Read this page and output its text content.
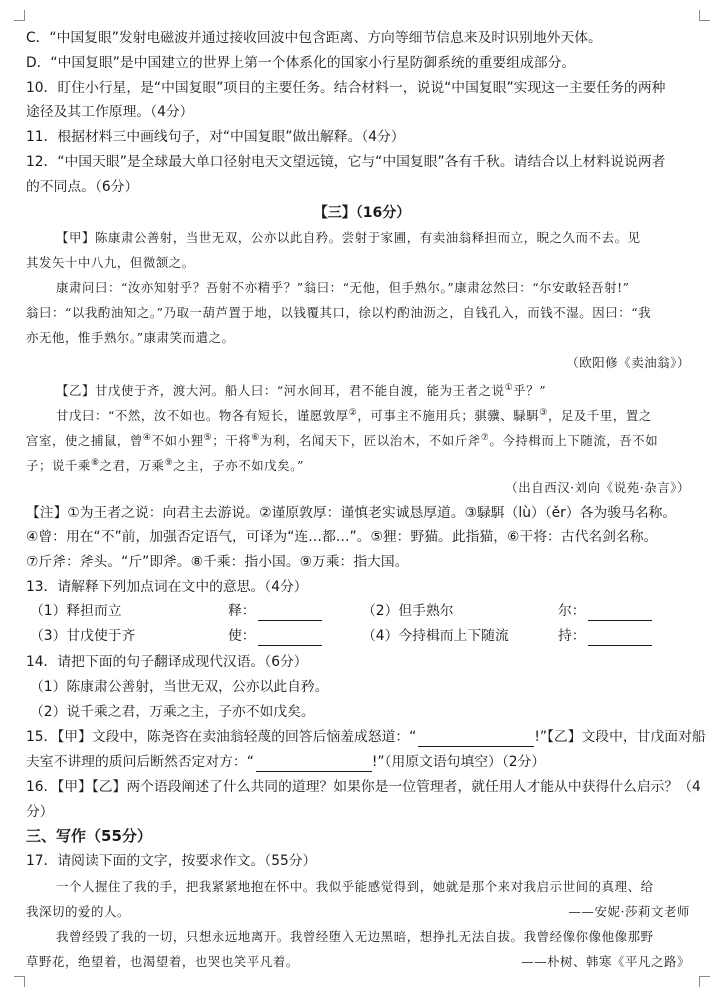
C．“中国复眼”发射电磁波并通过接收回波中包含距离、方向等细节信息来及时识别地外天体。
D．“中国复眼”是中国建立的世界上第一个体系化的国家小行星防御系统的重要组成部分。
10．盯住小行星，是“中国复眼”项目的主要任务。结合材料一，说说“中国复眼”实现这一主要任务的两种
途径及其工作原理。（4分）
11．根据材料三中画线句子，对“中国复眼”做出解释。（4分）
12．“中国天眼”是全球最大单口径射电天文望远镜，它与“中国复眼”各有千秋。请结合以上材料说说两者
的不同点。（6分）
【三】（16分）
【甲】陈康肃公善射，当世无双，公亦以此自矜。尝射于家圃，有卖油翁释担而立，睨之久而不去。见
其发矢十中八九，但微颔之。
康肃问曰：“汝亦知射乎？吾射不亦精乎？”翁曰：“无他，但手熟尔。”康肃忿然曰：“尔安敢轻吾射!”
翁曰：“以我酌油知之。”乃取一葫芦置于地，以钱覆其口，徐以杓酌油沥之，自钱孔入，而钱不湿。因曰：“我
亦无他，惟手熟尔。”康肃笑而遣之。
（欧阳修《卖油翁》）
【乙】甘戊使于齐，渡大河。船人曰：“河水间耳，君不能自渡，能为王者之说①乎？”
甘戊曰：“不然，汝不如也。物各有短长，谨愿敦厚②，可事主不施用兵；骐骥、騄駬③，足及千里，置之
宫室，使之捕鼠，曾④不如小狸⑤；干将⑥为利，名闻天下，匠以治木，不如斤斧⑦。今持楫而上下随流，吾不如
子；说千乘⑧之君，万乘⑨之主，子亦不如戊矣。”
（出自西汉·刘向《说苑·杂言》）
【注】①为王者之说：向君主去游说。②谨原敦厚：谨慎老实诚恳厚道。③騄駬（lù）（ěr）各为骏马名称。
④曾：用在“不”前，加强否定语气，可译为“连…都…”。⑤狸：野猫。此指猫，⑥干将：古代名剑名称。
⑦斤斧：斧头。“斤”即斧。⑧千乘：指小国。⑨万乘：指大国。
13．请解释下列加点词在文中的意思。（4分）
（1）释担而立	释：	（2）但手熟尔	尔：
（3）甘戊使于齐	使：	（4）今持楫而上下随流	持：
14．请把下面的句子翻译成现代汉语。（6分）
（1）陈康肃公善射，当世无双，公亦以此自矜。
（2）说千乘之君，万乘之主，子亦不如戊矣。
15．【甲】文段中，陈尧咨在卖油翁轻蔑的回答后恼羞成怒道：“	!”【乙】文段中，甘戊面对船
夫室不讲理的质问后断然否定对方：“	!”（用原文语句填空）（2分）
16．【甲】【乙】两个语段阐述了什么共同的道理？如果你是一位管理者，就任用人才能从中获得什么启示？（4
分）
三、写作（55分）
17．请阅读下面的文字，按要求作文。（55分）
一个人握住了我的手，把我紧紧地抱在怀中。我似乎能感觉得到，她就是那个来对我启示世间的真理、给
我深切的爱的人。	——安妮·莎莉文老师
我曾经毁了我的一切，只想永远地离开。我曾经堕入无边黑暗，想挣扎无法自拔。我曾经像你像他像那野
草野花，绝望着，也渴望着，也哭也笑平凡着。	——朴树、韩寒《平凡之路》
